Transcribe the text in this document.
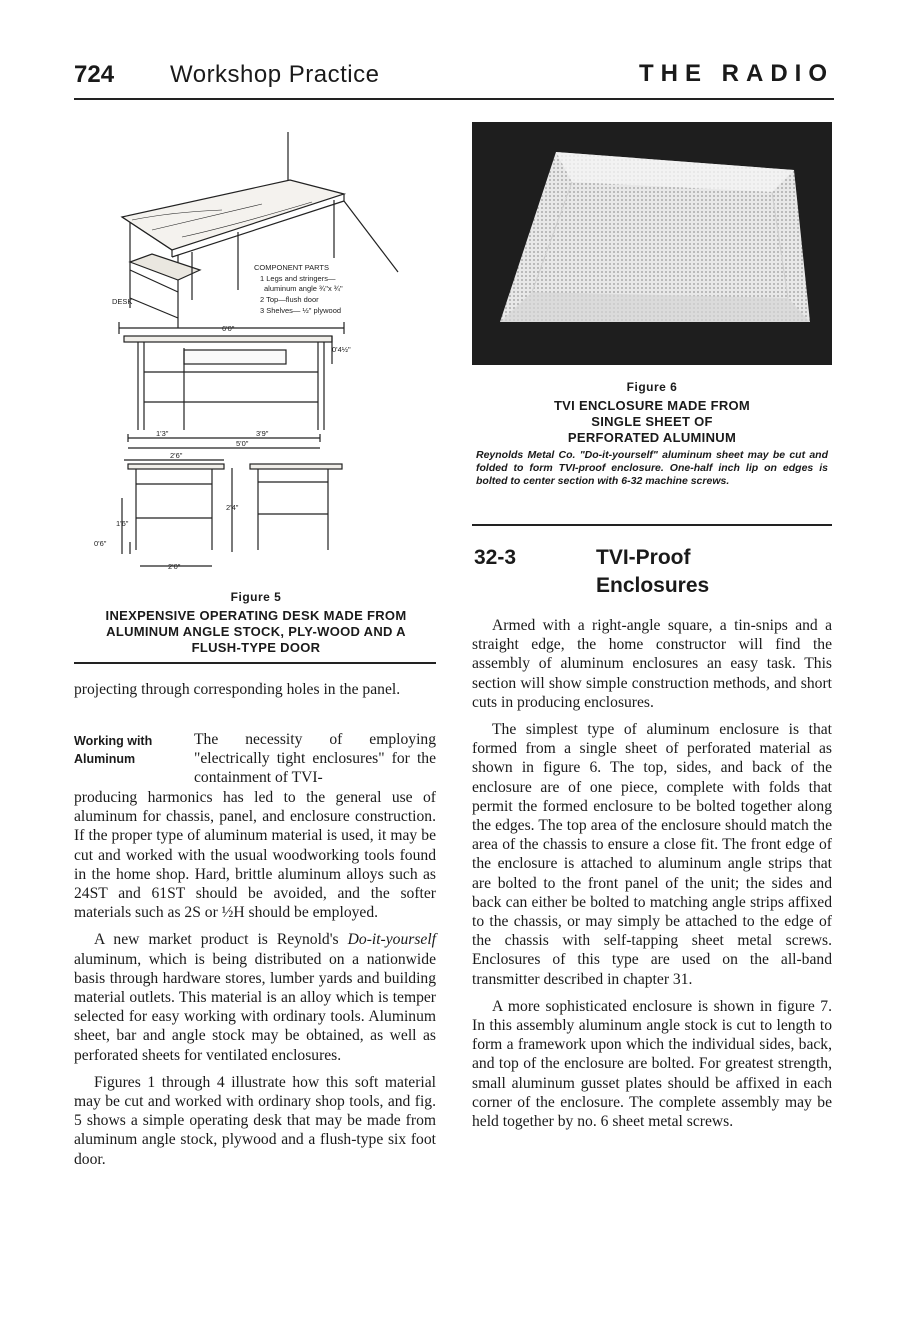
724 Workshop Practice	THE RADIO
COMPONENT PARTS
1 Legs and stringers—
aluminum angle ¾"x ¾"
2 Top—flush door
3 Shelves— ½" plywood
DESK
6'0"
0'4½"
1'3"	3'9"
5'0"
2'6"
2'4"
1'6"
0'6"
2'0"
Figure 5
INEXPENSIVE OPERATING DESK MADE FROM ALUMINUM ANGLE STOCK, PLY-WOOD AND A FLUSH-TYPE DOOR
Figure 6
TVI ENCLOSURE MADE FROM
SINGLE SHEET OF
PERFORATED ALUMINUM
Reynolds Metal Co. "Do-it-yourself" aluminum sheet may be cut and folded to form TVI-proof enclosure. One-half inch lip on edges is bolted to center section with 6-32 machine screws.

projecting through corresponding holes in the panel.

Working with Aluminum
The necessity of employing "electrically tight enclosures" for the containment of TVI-

producing harmonics has led to the general use of aluminum for chassis, panel, and enclosure construction. If the proper type of aluminum material is used, it may be cut and worked with the usual woodworking tools found in the home shop. Hard, brittle aluminum alloys such as 24ST and 61ST should be avoided, and the softer materials such as 2S or ½H should be employed.

A new market product is Reynold's Do-it-yourself aluminum, which is being distributed on a nationwide basis through hardware stores, lumber yards and building material outlets. This material is an alloy which is temper selected for easy working with ordinary tools. Aluminum sheet, bar and angle stock may be obtained, as well as perforated sheets for ventilated enclosures.

Figures 1 through 4 illustrate how this soft material may be cut and worked with ordinary shop tools, and fig. 5 shows a simple operating desk that may be made from aluminum angle stock, plywood and a flush-type six foot door.

32-3	TVI-Proof
Enclosures

Armed with a right-angle square, a tin-snips and a straight edge, the home constructor will find the assembly of aluminum enclosures an easy task. This section will show simple construction methods, and short cuts in producing enclosures.

The simplest type of aluminum enclosure is that formed from a single sheet of perforated material as shown in figure 6. The top, sides, and back of the enclosure are of one piece, complete with folds that permit the formed enclosure to be bolted together along the edges. The top area of the enclosure should match the area of the chassis to ensure a close fit. The front edge of the enclosure is attached to aluminum angle strips that are bolted to the front panel of the unit; the sides and back can either be bolted to matching angle strips affixed to the chassis, or may simply be attached to the edge of the chassis with self-tapping sheet metal screws. Enclosures of this type are used on the all-band transmitter described in chapter 31.

A more sophisticated enclosure is shown in figure 7. In this assembly aluminum angle stock is cut to length to form a framework upon which the individual sides, back, and top of the enclosure are bolted. For greatest strength, small aluminum gusset plates should be affixed in each corner of the enclosure. The complete assembly may be held together by no. 6 sheet metal screws.
